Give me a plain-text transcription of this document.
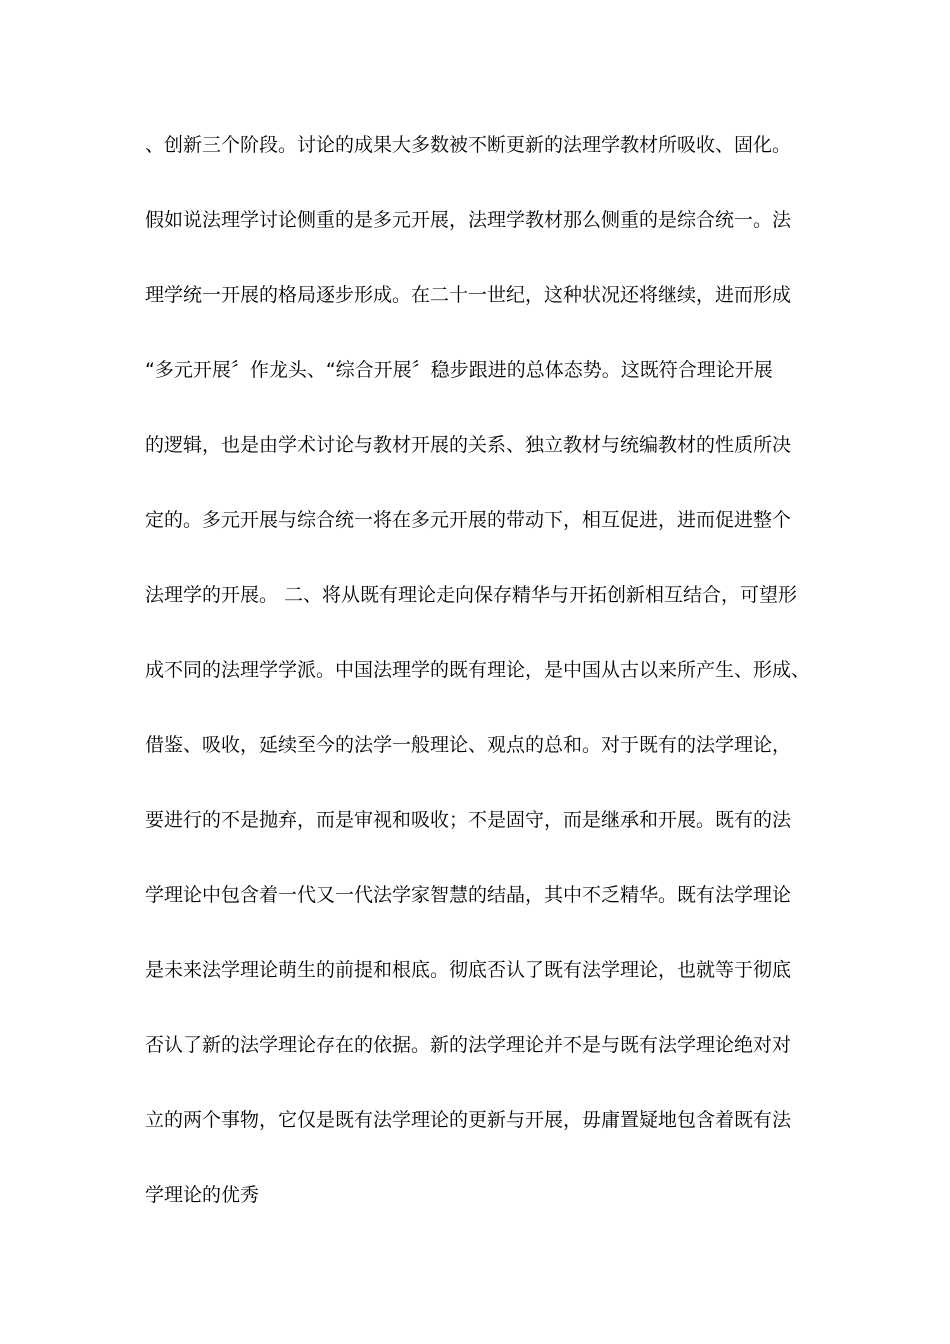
、创新三个阶段。讨论的成果大多数被不断更新的法理学教材所吸收、固化。
假如说法理学讨论侧重的是多元开展，法理学教材那么侧重的是综合统一。法
理学统一开展的格局逐步形成。在二十一世纪，这种状况还将继续，进而形成
“多元开展〞作龙头、“综合开展〞稳步跟进的总体态势。这既符合理论开展
的逻辑，也是由学术讨论与教材开展的关系、独立教材与统编教材的性质所决
定的。多元开展与综合统一将在多元开展的带动下，相互促进，进而促进整个
法理学的开展。 二、将从既有理论走向保存精华与开拓创新相互结合，可望形
成不同的法理学学派。中国法理学的既有理论，是中国从古以来所产生、形成、
借鉴、吸收，延续至今的法学一般理论、观点的总和。对于既有的法学理论，
要进行的不是抛弃，而是审视和吸收；不是固守，而是继承和开展。既有的法
学理论中包含着一代又一代法学家智慧的结晶，其中不乏精华。既有法学理论
是未来法学理论萌生的前提和根底。彻底否认了既有法学理论，也就等于彻底
否认了新的法学理论存在的依据。新的法学理论并不是与既有法学理论绝对对
立的两个事物，它仅是既有法学理论的更新与开展，毋庸置疑地包含着既有法
学理论的优秀
